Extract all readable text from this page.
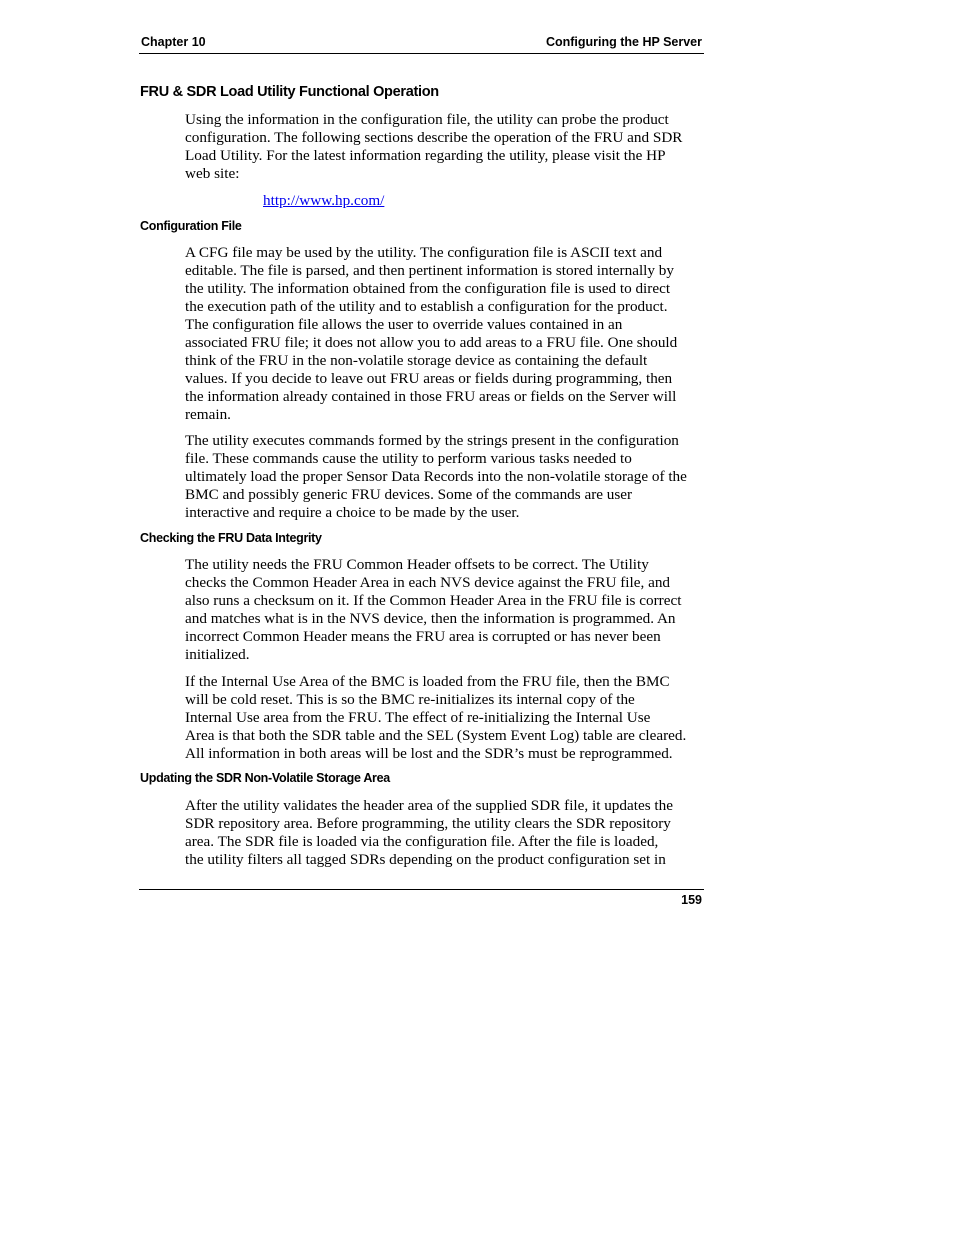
Chapter 10	Configuring the HP Server
FRU & SDR Load Utility Functional Operation
Using the information in the configuration file, the utility can probe the product
configuration. The following sections describe the operation of the FRU and SDR
Load Utility. For the latest information regarding the utility, please visit the HP
web site:
http://www.hp.com/
Configuration File
A CFG file may be used by the utility. The configuration file is ASCII text and
editable. The file is parsed, and then pertinent information is stored internally by
the utility. The information obtained from the configuration file is used to direct
the execution path of the utility and to establish a configuration for the product.
The configuration file allows the user to override values contained in an
associated FRU file; it does not allow you to add areas to a FRU file. One should
think of the FRU in the non-volatile storage device as containing the default
values. If you decide to leave out FRU areas or fields during programming, then
the information already contained in those FRU areas or fields on the Server will
remain.
The utility executes commands formed by the strings present in the configuration
file. These commands cause the utility to perform various tasks needed to
ultimately load the proper Sensor Data Records into the non-volatile storage of the
BMC and possibly generic FRU devices. Some of the commands are user
interactive and require a choice to be made by the user.
Checking the FRU Data Integrity
The utility needs the FRU Common Header offsets to be correct. The Utility
checks the Common Header Area in each NVS device against the FRU file, and
also runs a checksum on it. If the Common Header Area in the FRU file is correct
and matches what is in the NVS device, then the information is programmed. An
incorrect Common Header means the FRU area is corrupted or has never been
initialized.
If the Internal Use Area of the BMC is loaded from the FRU file, then the BMC
will be cold reset. This is so the BMC re-initializes its internal copy of the
Internal Use area from the FRU. The effect of re-initializing the Internal Use
Area is that both the SDR table and the SEL (System Event Log) table are cleared.
All information in both areas will be lost and the SDR’s must be reprogrammed.
Updating the SDR Non-Volatile Storage Area
After the utility validates the header area of the supplied SDR file, it updates the
SDR repository area. Before programming, the utility clears the SDR repository
area. The SDR file is loaded via the configuration file. After the file is loaded,
the utility filters all tagged SDRs depending on the product configuration set in
159
